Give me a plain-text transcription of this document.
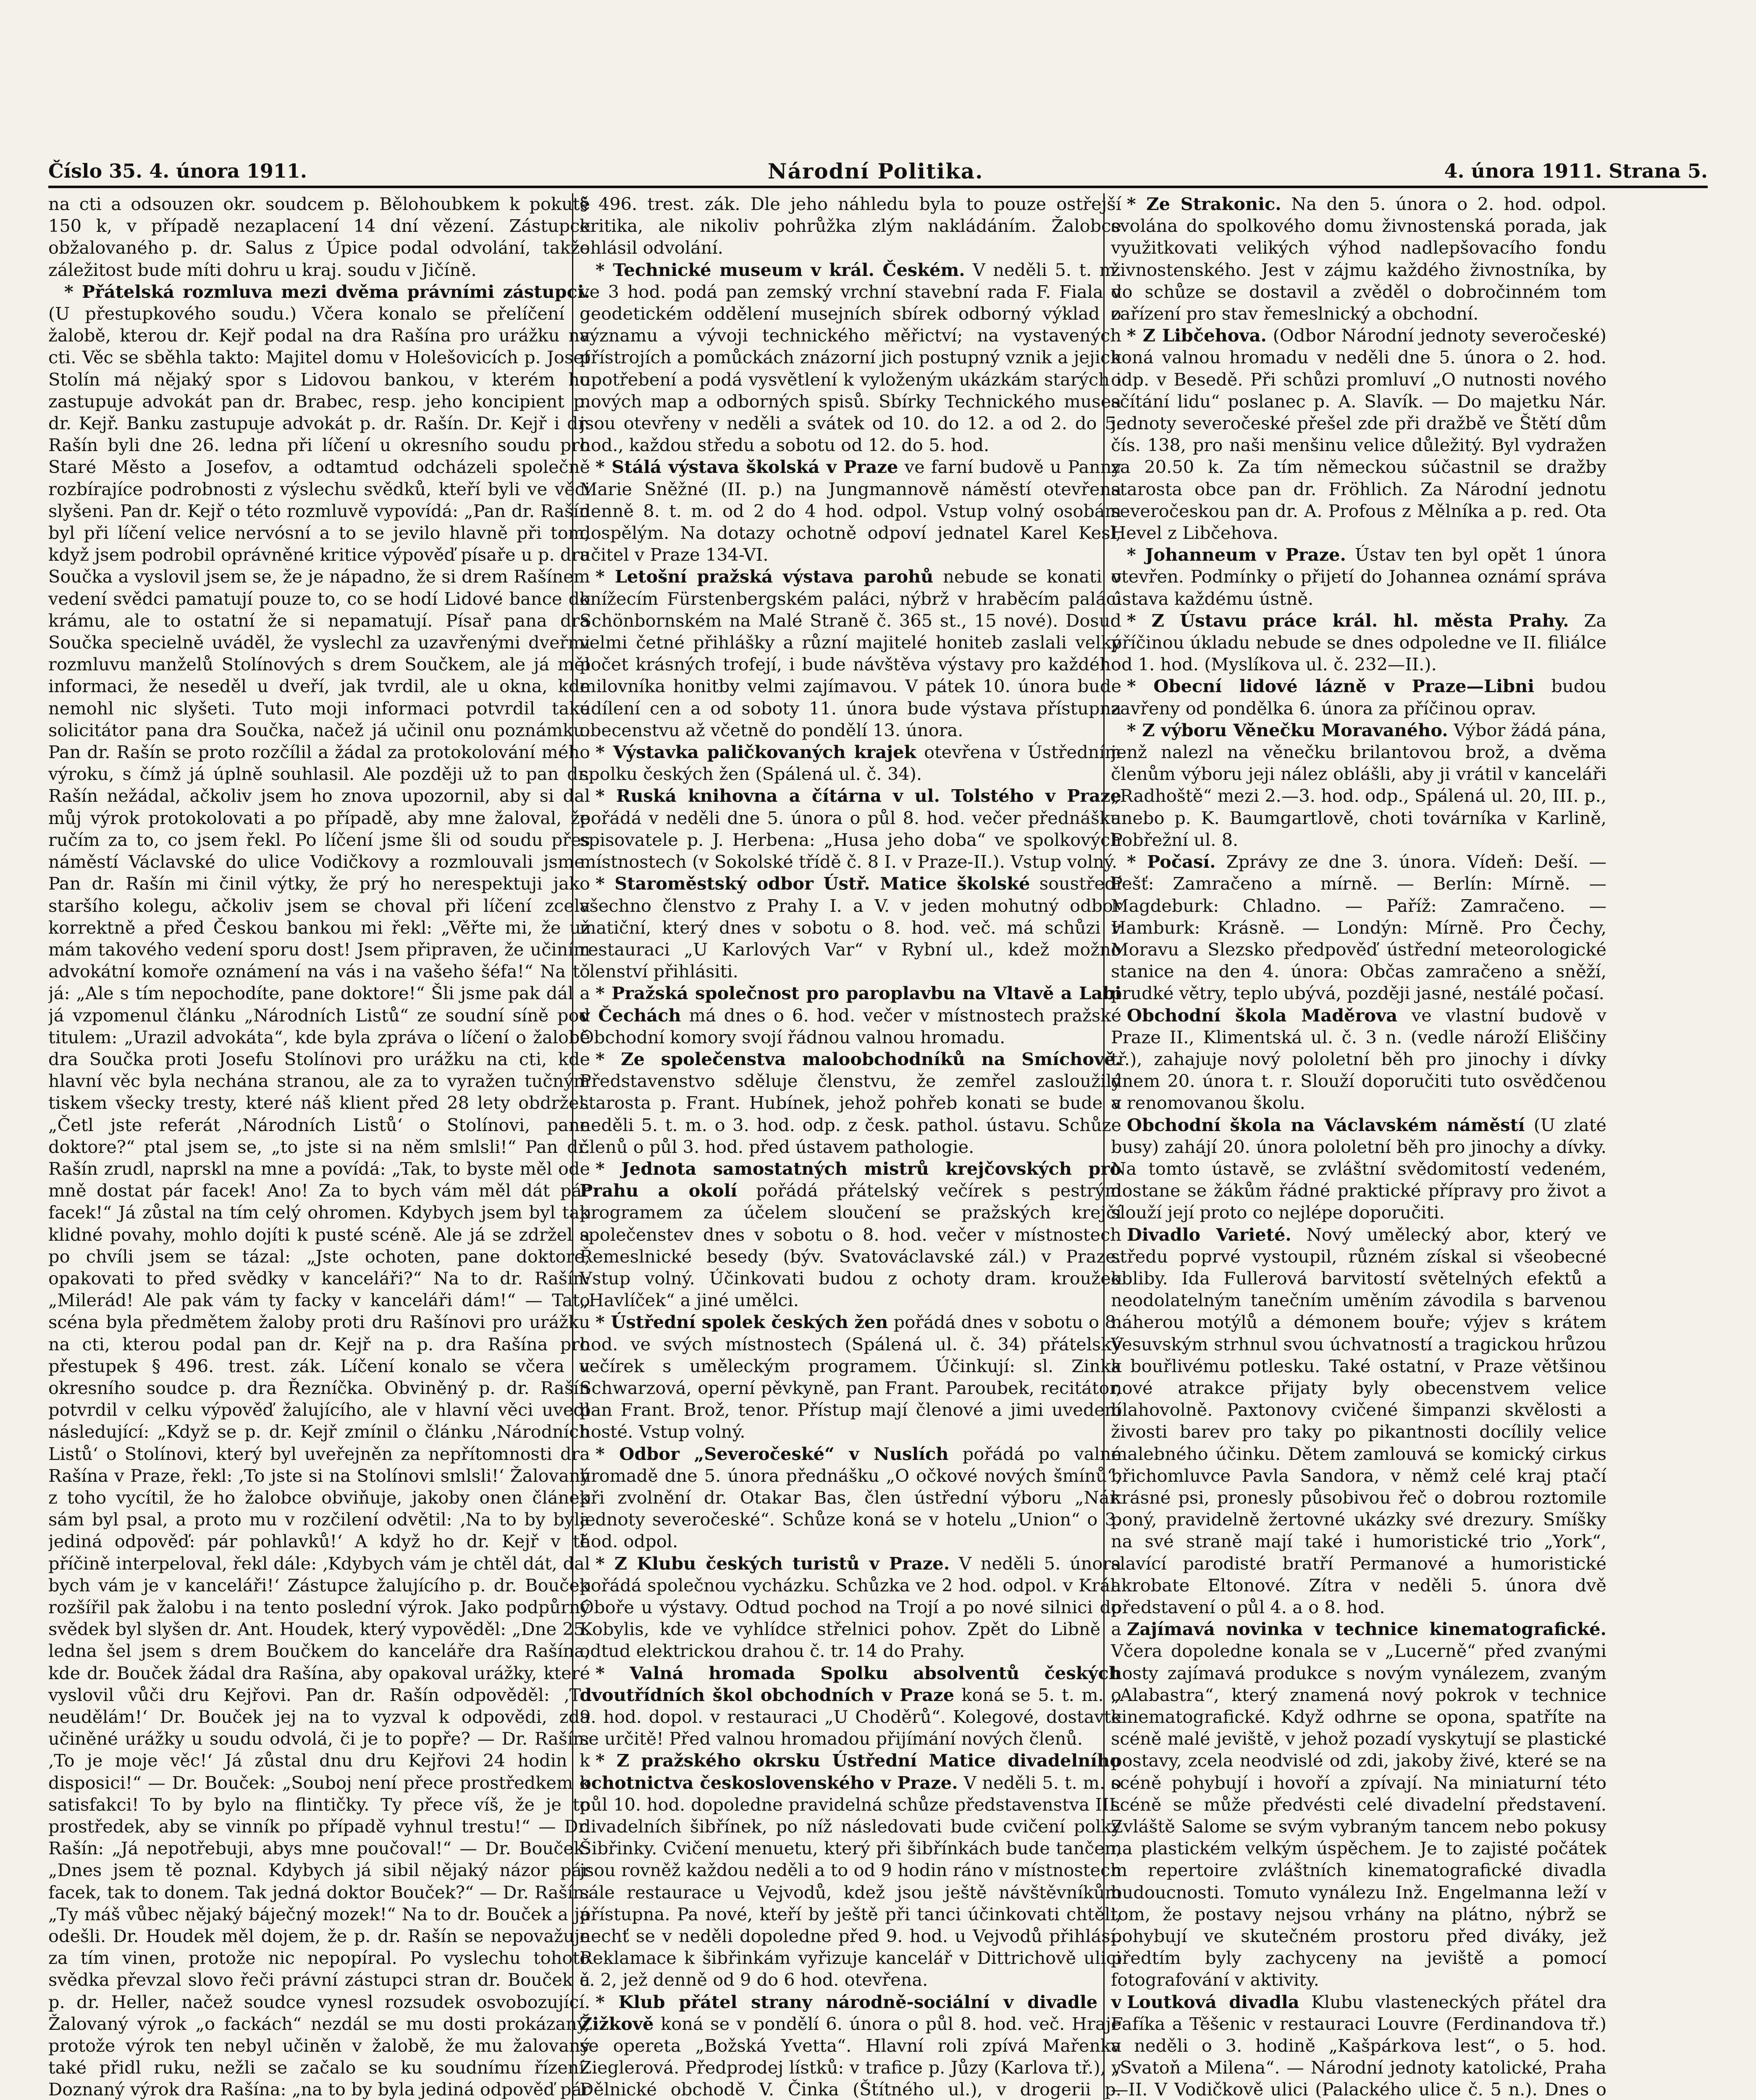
Číslo 35. 4. února 1911.	Národní Politika.	4. února 1911. Strana 5.

na cti a odsouzen okr. soudcem p. Bělohoubkem k pokutě 150 k, v případě nezaplacení 14 dní vězení. Zástupce obžalovaného p. dr. Salus z Úpice podal odvolání, takže záležitost bude míti dohru u kraj. soudu v Jičíně.

* Přátelská rozmluva mezi dvěma právními zástupci. (U přestupkového soudu.) Včera konalo se přelíčení o žalobě, kterou dr. Kejř podal na dra Rašína pro urážku na cti. Věc se sběhla takto: Majitel domu v Holešovicích p. Josef Stolín má nějaký spor s Lidovou bankou, v kterém ho zastupuje advokát pan dr. Brabec, resp. jeho koncipient p. dr. Kejř. Banku zastupuje advokát p. dr. Rašín. Dr. Kejř i dr. Rašín byli dne 26. ledna při líčení u okresního soudu pro Staré Město a Josefov, a odtamtud odcházeli společně rozbírajíce podrobnosti z výslechu svědků, kteří byli ve věci slyšeni. Pan dr. Kejř o této rozmluvě vypovídá: „Pan dr. Rašín byl při líčení velice nervósní a to se jevilo hlavně při tom, když jsem podrobil oprávněné kritice výpověď písaře u p. dra Součka a vyslovil jsem se, že je nápadno, že si drem Rašínem vedení svědci pamatují pouze to, co se hodí Lidové bance do krámu, ale to ostatní že si nepamatují. Písař pana dra Součka specielně uváděl, že vyslechl za uzavřenými dveřmi rozmluvu manželů Stolínových s drem Součkem, ale já měl informaci, že neseděl u dveří, jak tvrdil, ale u okna, kde nemohl nic slyšeti. Tuto moji informaci potvrdil také solicitátor pana dra Součka, načež já učinil onu poznámku. Pan dr. Rašín se proto rozčílil a žádal za protokolování mého výroku, s čímž já úplně souhlasil. Ale později už to pan dr. Rašín nežádal, ačkoliv jsem ho znova upozornil, aby si dal můj výrok protokolovati a po případě, aby mne žaloval, že ručím za to, co jsem řekl. Po líčení jsme šli od soudu přes náměstí Václavské do ulice Vodičkovy a rozmlouvali jsme. Pan dr. Rašín mi činil výtky, že prý ho nerespektuji jako staršího kolegu, ačkoliv jsem se choval při líčení zcela korrektně a před Českou bankou mi řekl: „Věřte mi, že už mám takového vedení sporu dost! Jsem připraven, že učiním advokátní komoře oznámení na vás i na vašeho šéfa!“ Na to já: „Ale s tím nepochodíte, pane doktore!“ Šli jsme pak dál a já vzpomenul článku „Národních Listů“ ze soudní síně pod titulem: „Urazil advokáta“, kde byla zpráva o líčení o žalobě dra Součka proti Josefu Stolínovi pro urážku na cti, kde hlavní věc byla nechána stranou, ale za to vyražen tučným tiskem všecky tresty, které náš klient před 28 lety obdržel. „Četl jste referát ‚Národních Listů‘ o Stolínovi, pane doktore?“ ptal jsem se, „to jste si na něm smlsli!“ Pan dr. Rašín zrudl, naprskl na mne a povídá: „Tak, to byste měl ode mně dostat pár facek! Ano! Za to bych vám měl dát pár facek!“ Já zůstal na tím celý ohromen. Kdybych jsem byl tak klidné povahy, mohlo dojíti k pusté scéně. Ale já se zdržel a po chvíli jsem se tázal: „Jste ochoten, pane doktore, opakovati to před svědky v kanceláři?“ Na to dr. Rašín: „Milerád! Ale pak vám ty facky v kanceláři dám!“ — Tato scéna byla předmětem žaloby proti dru Rašínovi pro urážku na cti, kterou podal pan dr. Kejř na p. dra Rašína pro přestupek § 496. trest. zák. Líčení konalo se včera u okresního soudce p. dra Řezníčka. Obviněný p. dr. Rašín potvrdil v celku výpověď žalujícího, ale v hlavní věci uvedl následující: „Když se p. dr. Kejř zmínil o článku ‚Národních Listů‘ o Stolínovi, který byl uveřejněn za nepřítomnosti dra Rašína v Praze, řekl: ‚To jste si na Stolínovi smlsli!‘ Žalovaný z toho vycítil, že ho žalobce obviňuje, jakoby onen článek sám byl psal, a proto mu v rozčilení odvětil: ‚Na to by byla jediná odpověď: pár pohlavků!‘ A když ho dr. Kejř v tě příčině interpeloval, řekl dále: ‚Kdybych vám je chtěl dát, dal bych vám je v kanceláři!‘ Zástupce žalujícího p. dr. Bouček rozšířil pak žalobu i na tento poslední výrok. Jako podpůrný svědek byl slyšen dr. Ant. Houdek, který vypověděl: „Dne 25. ledna šel jsem s drem Boučkem do kanceláře dra Rašína, kde dr. Bouček žádal dra Rašína, aby opakoval urážky, které vyslovil vůči dru Kejřovi. Pan dr. Rašín odpověděl: ‚To neudělám!‘ Dr. Bouček jej na to vyzval k odpovědi, zda učiněné urážky u soudu odvolá, či je to popře? — Dr. Rašín: ‚To je moje věc!‘ Já zůstal dnu dru Kejřovi 24 hodin k disposici!“ — Dr. Bouček: „Souboj není přece prostředkem k satisfakci! To by bylo na flintičky. Ty přece víš, že je to prostředek, aby se vinník po případě vyhnul trestu!“ — Dr. Rašín: „Já nepotřebuji, abys mne poučoval!“ — Dr. Bouček: „Dnes jsem tě poznal. Kdybych já sibil nějaký názor pár facek, tak to donem. Tak jedná doktor Bouček?“ — Dr. Rašín: „Ty máš vůbec nějaký báječný mozek!“ Na to dr. Bouček a já odešli. Dr. Houdek měl dojem, že p. dr. Rašín se nepovažuje za tím vinen, protože nic nepopíral. Po vyslechu tohoto svědka převzal slovo řeči právní zástupci stran dr. Bouček a p. dr. Heller, načež soudce vynesl rozsudek osvobozující. Žalovaný výrok „o fackách“ nezdál se mu dosti prokázaný, protože výrok ten nebyl učiněn v žalobě, že mu žalovaný také přidl ruku, nežli se začalo se ku soudnímu řízení. Doznaný výrok dra Rašína: „na to by byla jediná odpověď pár

§ 496. trest. zák. Dle jeho náhledu byla to pouze ostřejší kritika, ale nikoliv pohrůžka zlým nakládáním. Žalobce ohlásil odvolání.

* Technické museum v král. Českém. V neděli 5. t. m. ve 3 hod. podá pan zemský vrchní stavební rada F. Fiala v geodetickém oddělení musejních sbírek odborný výklad o významu a vývoji technického měřictví; na vystavených přístrojích a pomůckách znázorní jich postupný vznik a jejich upotřebení a podá vysvětlení k vyloženým ukázkám starých i nových map a odborných spisů. Sbírky Technického musea jsou otevřeny v neděli a svátek od 10. do 12. a od 2. do 5. hod., každou středu a sobotu od 12. do 5. hod.

* Stálá výstava školská v Praze ve farní budově u Panny Marie Sněžné (II. p.) na Jungmannově náměstí otevřena denně 8. t. m. od 2 do 4 hod. odpol. Vstup volný osobám dospělým. Na dotazy ochotně odpoví jednatel Karel Kesl, učitel v Praze 134-VI.

* Letošní pražská výstava parohů nebude se konati v knížecím Fürstenbergském paláci, nýbrž v hraběcím paláci Schönbornském na Malé Straně č. 365 st., 15 nové). Dosud velmi četné přihlášky a různí majitelé honiteb zaslali velký počet krásných trofejí, i bude návštěva výstavy pro každého milovníka honitby velmi zajímavou. V pátek 10. února bude udílení cen a od soboty 11. února bude výstava přístupna obecenstvu až včetně do pondělí 13. února.

* Výstavka paličkovaných krajek otevřena v Ústředním spolku českých žen (Spálená ul. č. 34).

* Ruská knihovna a čítárna v ul. Tolstého v Praze pořádá v neděli dne 5. února o půl 8. hod. večer přednášku spisovatele p. J. Herbena: „Husa jeho doba“ ve spolkových místnostech (v Sokolské třídě č. 8 I. v Praze-II.). Vstup volný.

* Staroměstský odbor Ústř. Matice školské soustředí všechno členstvo z Prahy I. a V. v jeden mohutný odbor matiční, který dnes v sobotu o 8. hod. več. má schůzi v restauraci „U Karlových Var“ v Rybní ul., kdež možno členství přihlásiti.

* Pražská společnost pro paroplavbu na Vltavě a Labi v Čechách má dnes o 6. hod. večer v místnostech pražské Obchodní komory svojí řádnou valnou hromadu.

* Ze společenstva maloobchodníků na Smíchově. Představenstvo sděluje členstvu, že zemřel zasloužilý starosta p. Frant. Hubínek, jehož pohřeb konati se bude v neděli 5. t. m. o 3. hod. odp. z česk. pathol. ústavu. Schůze členů o půl 3. hod. před ústavem pathologie.

* Jednota samostatných mistrů krejčovských pro Prahu a okolí pořádá přátelský večírek s pestrým programem za účelem sloučení se pražských krejčí společenstev dnes v sobotu o 8. hod. večer v místnostech Řemeslnické besedy (býv. Svatováclavské zál.) v Praze. Vstup volný. Účinkovati budou z ochoty dram. kroužek „Havlíček“ a jiné umělci.

* Ústřední spolek českých žen pořádá dnes v sobotu o 8. hod. ve svých místnostech (Spálená ul. č. 34) přátelský večírek s uměleckým programem. Účinkují: sl. Zinka Schwarzová, operní pěvkyně, pan Frant. Paroubek, recitátor, pan Frant. Brož, tenor. Přístup mají členové a jimi uvedení hosté. Vstup volný.

* Odbor „Severočeské“ v Nuslích pořádá po valné hromadě dne 5. února přednášku „O očkové nových šmínů“, při zvolnění dr. Otakar Bas, člen ústřední výboru „Nár. jednoty severočeské“. Schůze koná se v hotelu „Union“ o 3. hod. odpol.

* Z Klubu českých turistů v Praze. V neděli 5. února pořádá společnou vycházku. Schůzka ve 2 hod. odpol. v Král. Oboře u výstavy. Odtud pochod na Trojí a po nové silnici do Kobylis, kde ve vyhlídce střelnici pohov. Zpět do Libně a odtud elektrickou drahou č. tr. 14 do Prahy.

* Valná hromada Spolku absolventů českých dvoutřídních škol obchodních v Praze koná se 5. t. m. o 9. hod. dopol. v restauraci „U Choděrů“. Kolegové, dostavte se určitě! Před valnou hromadou přijímání nových členů.

* Z pražského okrsku Ústřední Matice divadelního ochotnictva československého v Praze. V neděli 5. t. m. o půl 10. hod. dopoledne pravidelná schůze představenstva III. divadelních šibřínek, po níž následovati bude cvičení polky Šibřinky. Cvičení menuetu, který při šibřínkách bude tančen, jsou rovněž každou neděli a to od 9 hodin ráno v místnostech sále restaurace u Vejvodů, kdež jsou ještě návštěvníkům přístupna. Pa nové, kteří by ještě při tanci účinkovati chtěli, nechť se v neděli dopoledne před 9. hod. u Vejvodů přihlásí. Reklamace k šibřinkám vyřizuje kancelář v Dittrichově ulici č. 2, jež denně od 9 do 6 hod. otevřena.

* Klub přátel strany národně-sociální v divadle v Žižkově koná se v pondělí 6. února o půl 8. hod. več. Hraje se opereta „Božská Yvetta“. Hlavní roli zpívá Mařenka Zieglerová. Předprodej lístků: v trafice p. Jůzy (Karlova tř.), v Dělnické obchodě V. Činka (Štítného ul.), v drogerii p.

* Ze Strakonic. Na den 5. února o 2. hod. odpol. svolána do spolkového domu živnostenská porada, jak využitkovati velikých výhod nadlepšovacího fondu živnostenského. Jest v zájmu každého živnostníka, by do schůze se dostavil a zvěděl o dobročinném tom zařízení pro stav řemeslnický a obchodní.

* Z Libčehova. (Odbor Národní jednoty severočeské) koná valnou hromadu v neděli dne 5. února o 2. hod. odp. v Besedě. Při schůzi promluví „O nutnosti nového sčítání lidu“ poslanec p. A. Slavík. — Do majetku Nár. jednoty severočeské přešel zde při dražbě ve Štětí dům čís. 138, pro naši menšinu velice důležitý. Byl vydražen za 20.50 k. Za tím německou súčastnil se dražby starosta obce pan dr. Fröhlich. Za Národní jednotu severočeskou pan dr. A. Profous z Mělníka a p. red. Ota Hevel z Libčehova.

* Johanneum v Praze. Ústav ten byl opět 1 února otevřen. Podmínky o přijetí do Johannea oznámí správa ústava každému ústně.

* Z Ústavu práce král. hl. města Prahy. Za příčinou úkladu nebude se dnes odpoledne ve II. filiálce od 1. hod. (Myslíkova ul. č. 232—II.).

* Obecní lidové lázně v Praze—Libni budou zavřeny od pondělka 6. února za příčinou oprav.

* Z výboru Věnečku Moravaného. Výbor žádá pána, jenž nalezl na věnečku brilantovou brož, a dvěma členům výboru jeji nález oblášli, aby ji vrátil v kanceláři „Radhoště“ mezi 2.—3. hod. odp., Spálená ul. 20, III. p., anebo p. K. Baumgartlově, choti továrníka v Karlině, Pobřežní ul. 8.

* Počasí. Zprávy ze dne 3. února. Vídeň: Deší. — Pešť: Zamračeno a mírně. — Berlín: Mírně. — Magdeburk: Chladno. — Paříž: Zamračeno. — Hamburk: Krásně. — Londýn: Mírně. Pro Čechy, Moravu a Slezsko předpověď ústřední meteorologické stanice na den 4. února: Občas zamračeno a sněží, prudké větry, teplo ubývá, později jasné, nestálé počasí.

Obchodní škola Maděrova ve vlastní budově v Praze II., Klimentská ul. č. 3 n. (vedle nároží Eliščiny tř.), zahajuje nový pololetní běh pro jinochy i dívky dnem 20. února t. r. Slouží doporučiti tuto osvědčenou a renomovanou školu.

Obchodní škola na Václavském náměstí (U zlaté busy) zahájí 20. února pololetní běh pro jinochy a dívky. Na tomto ústavě, se zvláštní svědomitostí vedeném, dostane se žákům řádné praktické přípravy pro život a slouží její proto co nejlépe doporučiti.

Divadlo Varieté. Nový umělecký abor, který ve středu poprvé vystoupil, různém získal si všeobecné obliby. Ida Fullerová barvitostí světelných efektů a neodolatelným tanečním uměním závodila s barvenou náherou motýlů a démonem bouře; výjev s krátem Vesuvským strhnul svou úchvatností a tragickou hrůzou k bouřlivému potlesku. Také ostatní, v Praze většinou nové atrakce přijaty byly obecenstvem velice blahovolně. Paxtonovy cvičené šimpanzi skvělosti a živosti barev pro taky po pikantnosti docílily velice malebného účinku. Dětem zamlouvá se komický cirkus břichomluvce Pavla Sandora, v němž celé kraj ptačí krásné psi, pronesly působivou řeč o dobrou roztomile poný, pravidelně žertovné ukázky své drezury. Smíšky na své straně mají také i humoristické trio „York“, slavící parodisté bratří Permanové a humoristické akrobate Eltonové. Zítra v neděli 5. února dvě představení o půl 4. a o 8. hod.

Zajímavá novinka v technice kinematografické. Včera dopoledne konala se v „Lucerně“ před zvanými hosty zajímavá produkce s novým vynálezem, zvaným „Alabastra“, který znamená nový pokrok v technice kinematografické. Když odhrne se opona, spatříte na scéně malé jeviště, v jehož pozadí vyskytují se plastické postavy, zcela neodvislé od zdi, jakoby živé, které se na scéně pohybují i hovoří a zpívají. Na miniaturní této scéně se může předvésti celé divadelní představení. Zvláště Salome se svým vybraným tancem nebo pokusy na plastickém velkým úspěchem. Je to zajisté počátek m repertoire zvláštních kinematografické divadla budoucnosti. Tomuto vynálezu Inž. Engelmanna leží v tom, že postavy nejsou vrhány na plátno, nýbrž se pohybují ve skutečném prostoru před diváky, jež předtím byly zachyceny na jeviště a pomocí fotografování v aktivity.

Loutková divadla Klubu vlasteneckých přátel dra Fafíka a Těšenic v restauraci Louvre (Ferdinandova tř.) v neděli o 3. hodině „Kašpárkova lest“, o 5. hod. „Svatoň a Milena“. — Národní jednoty katolické, Praha—II. V Vodičkově ulici (Palackého ulice č. 5 n.). Dnes o
